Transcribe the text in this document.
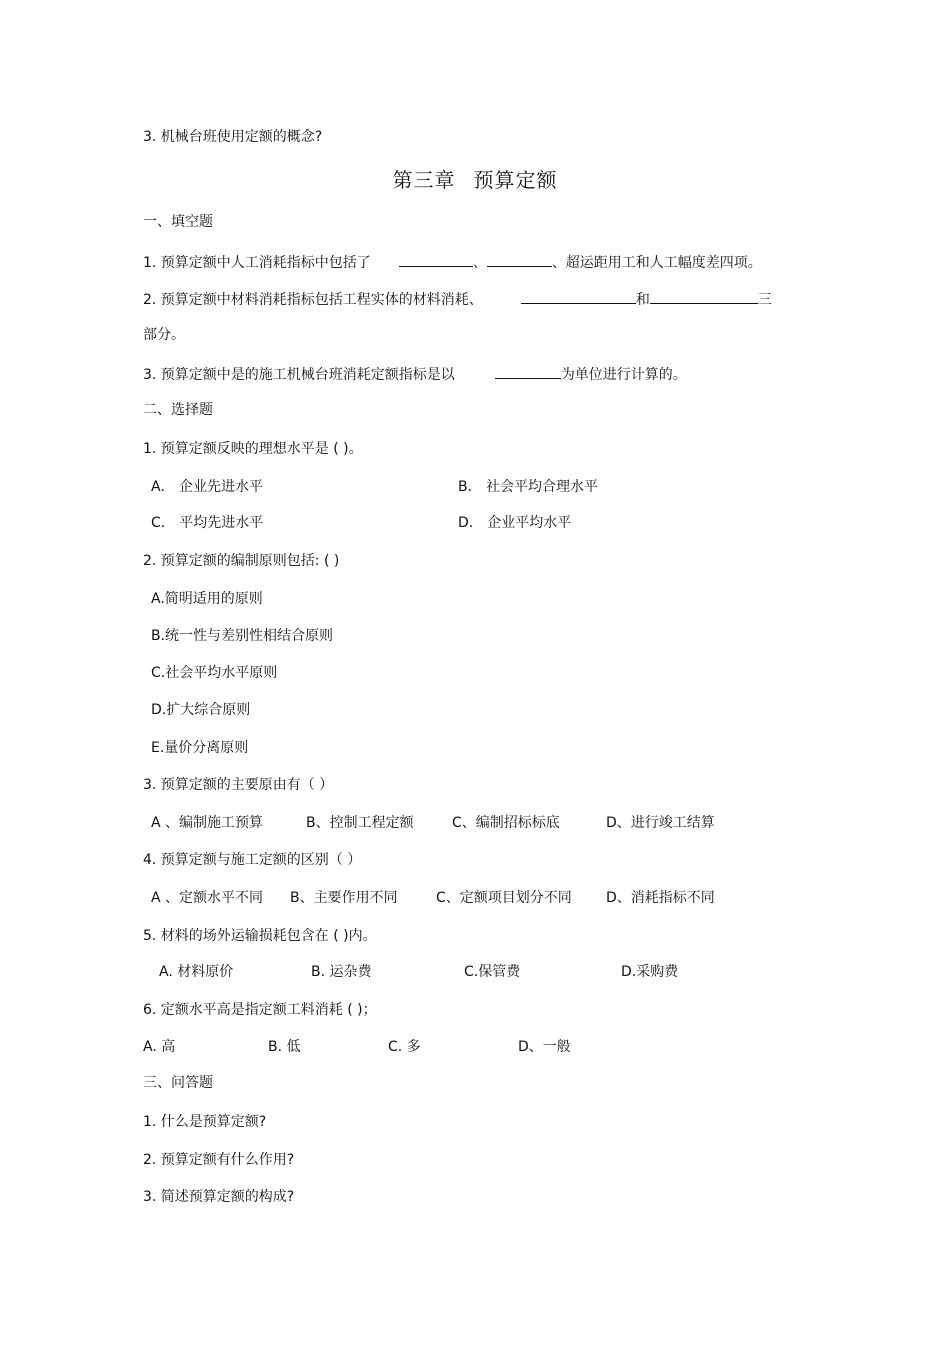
3. 机械台班使用定额的概念?
第三章 预算定额
一、填空题
1. 预算定额中人工消耗指标中包括了	、	、超运距用工和人工幅度差四项。
2. 预算定额中材料消耗指标包括工程实体的材料消耗、	和	三
部分。
3. 预算定额中是的施工机械台班消耗定额指标是以	为单位进行计算的。
二、选择题
1. 预算定额反映的理想水平是 ( )。
A． 企业先进水平	B． 社会平均合理水平
C． 平均先进水平	D． 企业平均水平
2. 预算定额的编制原则包括: ( )
A.简明适用的原则
B.统一性与差别性相结合原则
C.社会平均水平原则
D.扩大综合原则
E.量价分离原则
3. 预算定额的主要原由有（ ）
A 、编制施工预算	B、控制工程定额	C、编制招标标底	D、进行竣工结算
4. 预算定额与施工定额的区别（ ）
A 、定额水平不同 B、主要作用不同	C、定额项目划分不同 D、消耗指标不同
5. 材料的场外运输损耗包含在 ( )内。
A. 材料原价	B. 运杂费	C.保管费	D.采购费
6. 定额水平高是指定额工料消耗 ( )；
A. 高	B. 低	C. 多	D、一般
三、问答题
1. 什么是预算定额?
2. 预算定额有什么作用?
3. 简述预算定额的构成?
